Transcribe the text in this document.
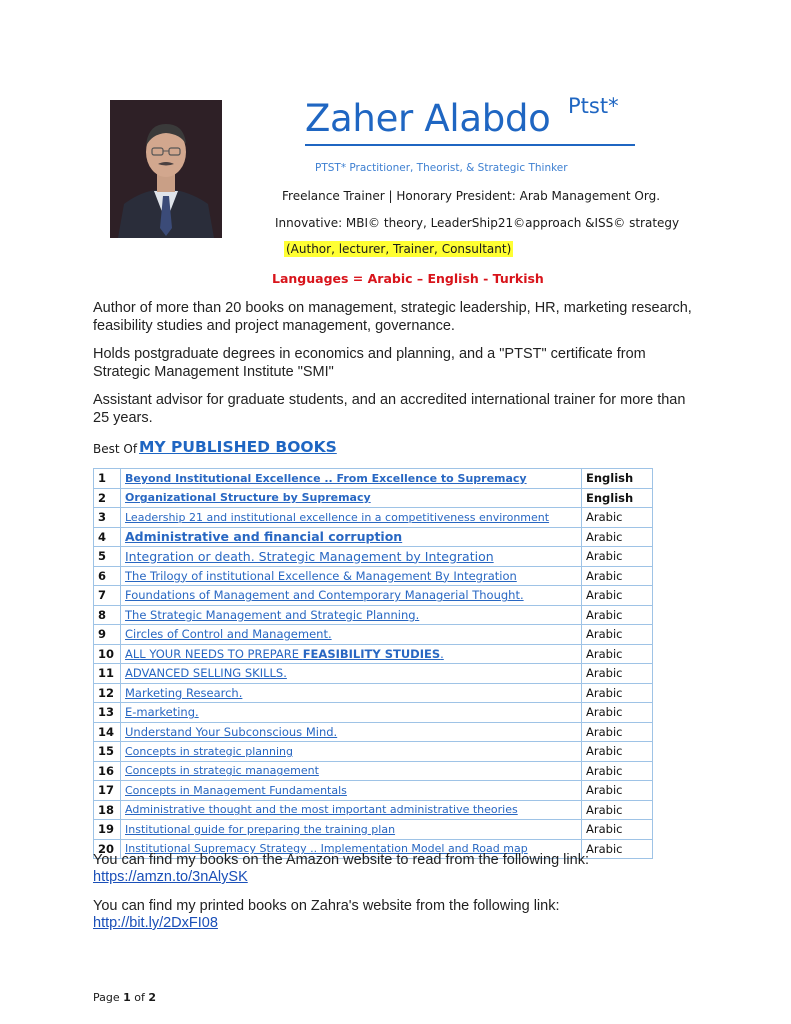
Zaher Alabdo Ptst*
PTST* Practitioner, Theorist, & Strategic Thinker
Freelance Trainer | Honorary President: Arab Management Org.
Innovative: MBI© theory, LeaderShip21©approach &ISS© strategy
(Author, lecturer, Trainer, Consultant)
Languages = Arabic – English - Turkish
Author of more than 20 books on management, strategic leadership, HR, marketing research, feasibility studies and project management, governance.
Holds postgraduate degrees in economics and planning, and a "PTST" certificate from Strategic Management Institute "SMI"
Assistant advisor for graduate students, and an accredited international trainer for more than 25 years.
Best Of MY PUBLISHED BOOKS
1	Beyond Institutional Excellence .. From Excellence to Supremacy	English
2	Organizational Structure by Supremacy	English
3	Leadership 21 and institutional excellence in a competitiveness environment	Arabic
4	Administrative and financial corruption	Arabic
5	Integration or death. Strategic Management by Integration	Arabic
6	The Trilogy of institutional Excellence & Management By Integration	Arabic
7	Foundations of Management and Contemporary Managerial Thought.	Arabic
8	The Strategic Management and Strategic Planning.	Arabic
9	Circles of Control and Management.	Arabic
10	ALL YOUR NEEDS TO PREPARE FEASIBILITY STUDIES.	Arabic
11	ADVANCED SELLING SKILLS.	Arabic
12	Marketing Research.	Arabic
13	E-marketing.	Arabic
14	Understand Your Subconscious Mind.	Arabic
15	Concepts in strategic planning	Arabic
16	Concepts in strategic management	Arabic
17	Concepts in Management Fundamentals	Arabic
18	Administrative thought and the most important administrative theories	Arabic
19	Institutional guide for preparing the training plan	Arabic
20	Institutional Supremacy Strategy .. Implementation Model and Road map	Arabic
You can find my books on the Amazon website to read from the following link:
https://amzn.to/3nAlySK
You can find my printed books on Zahra's website from the following link:
http://bit.ly/2DxFI08
Page 1 of 2
